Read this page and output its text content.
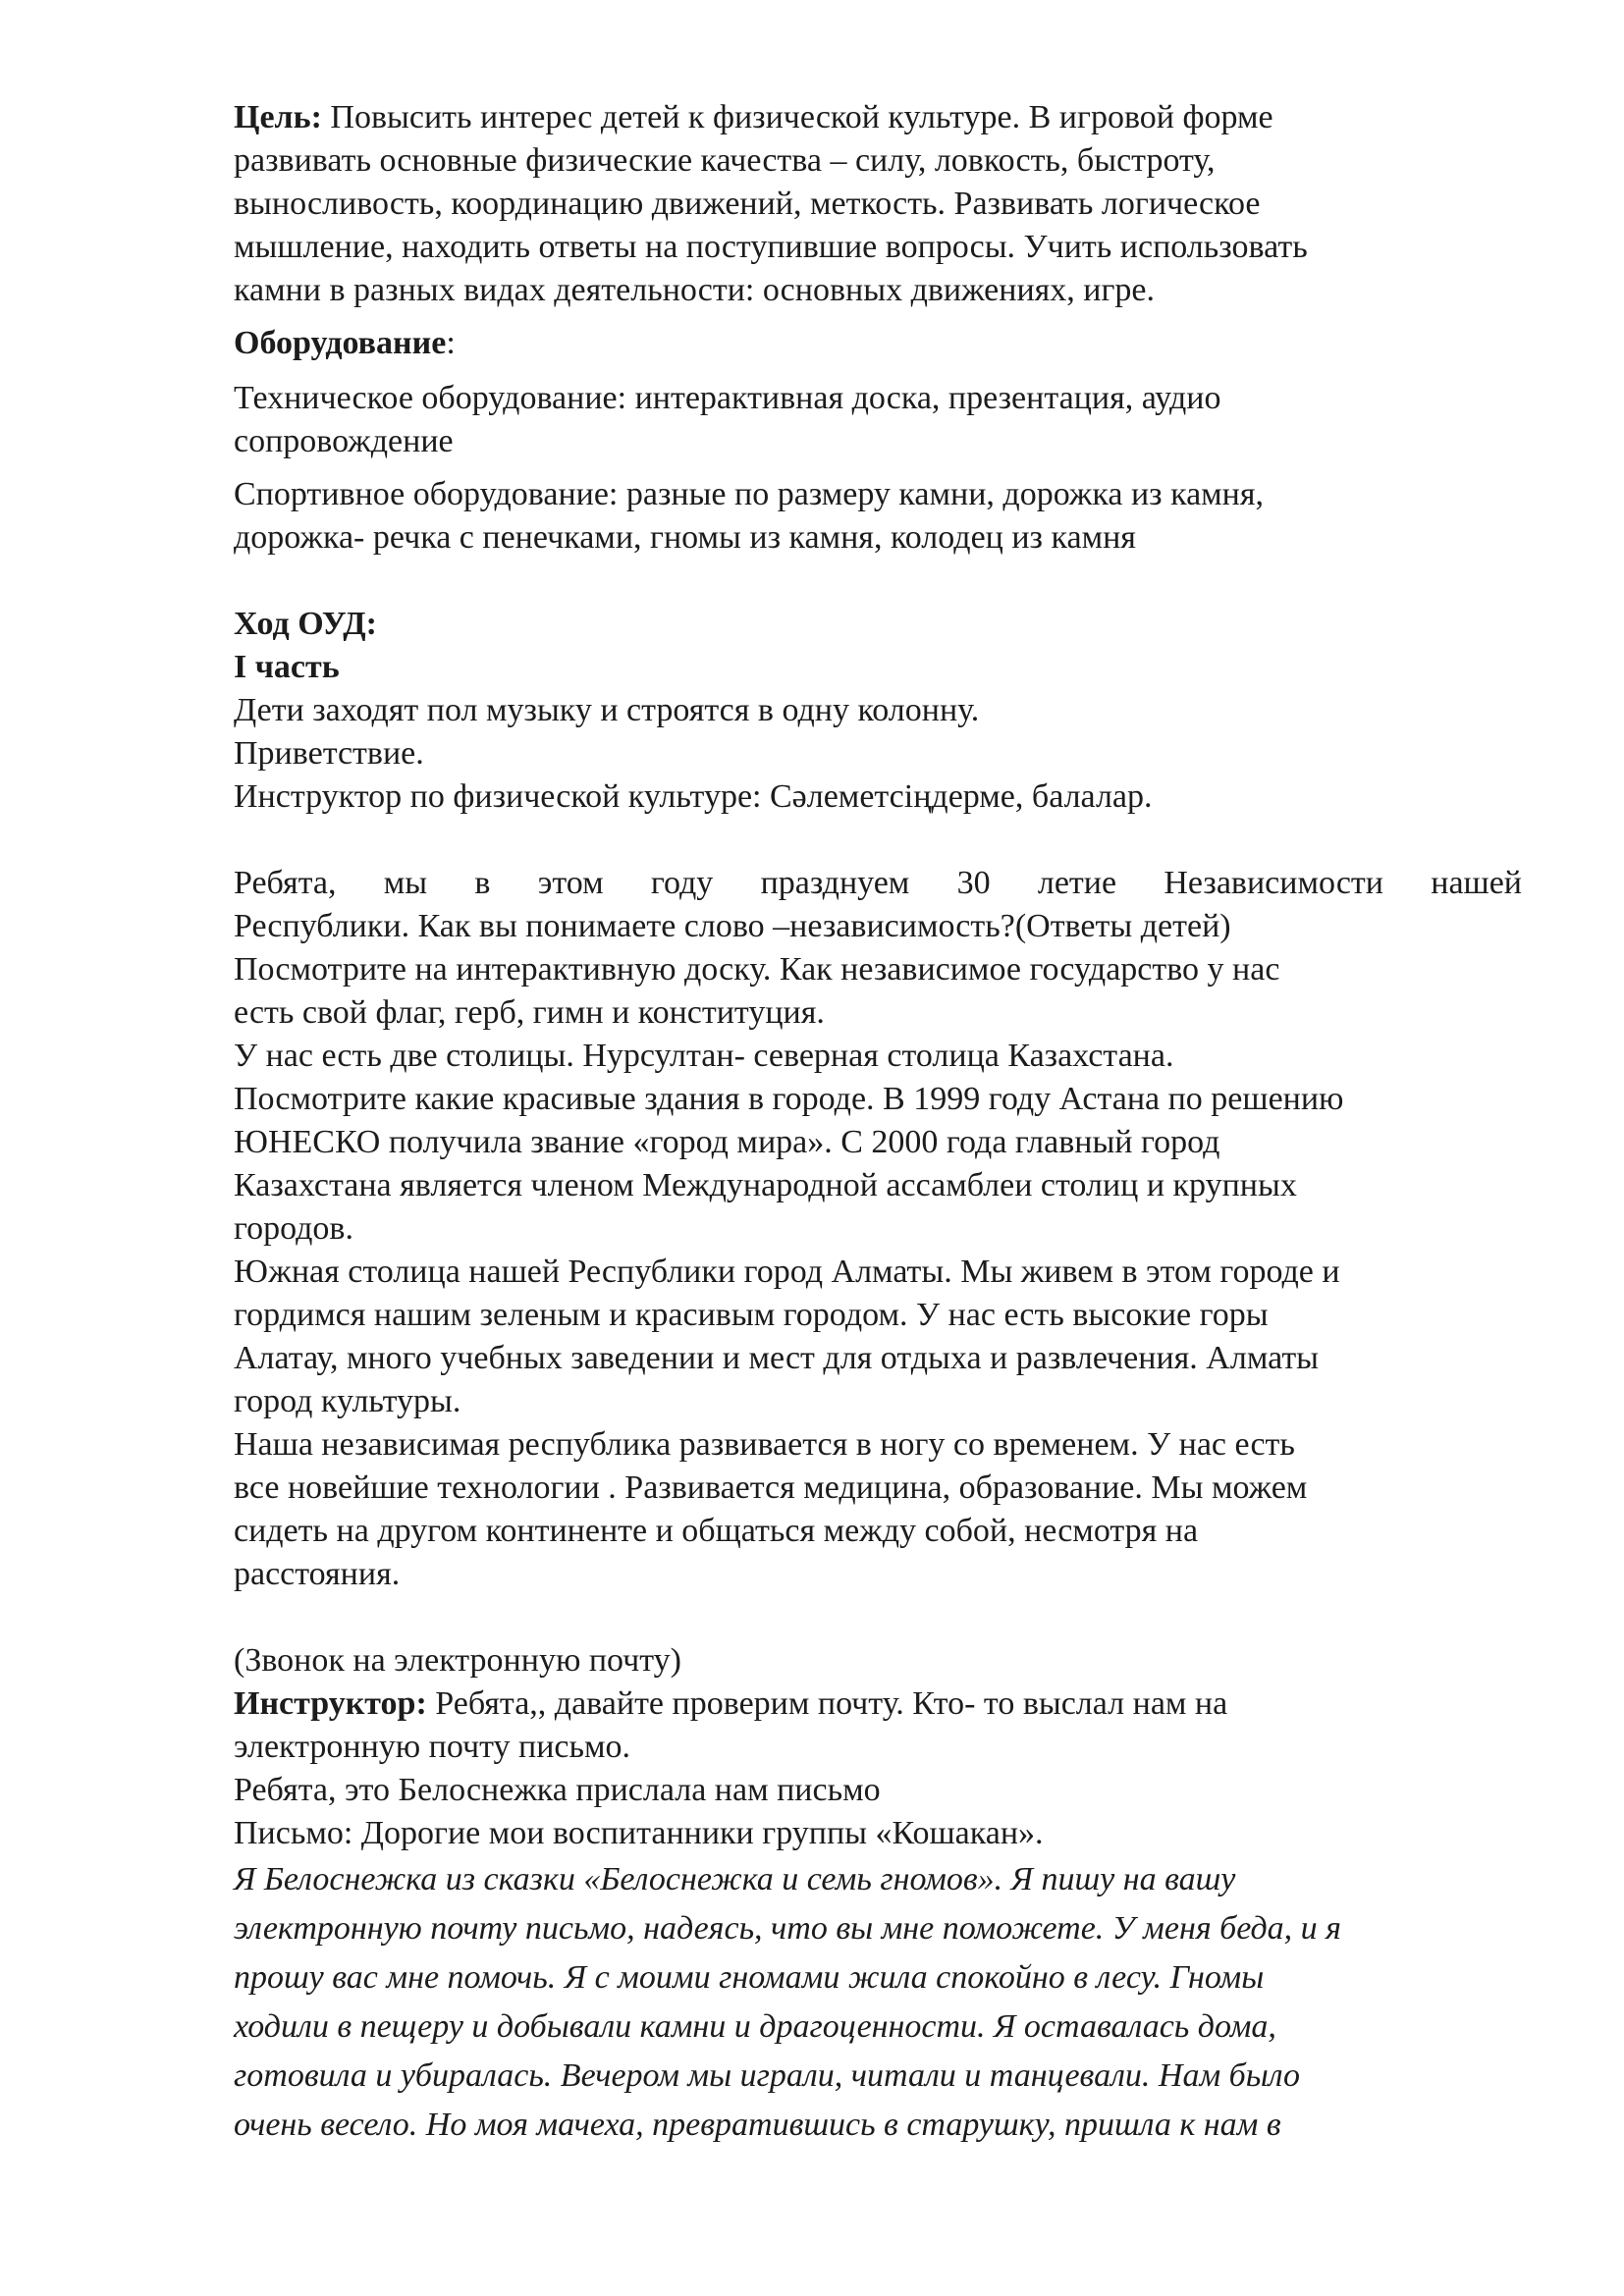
Цель: Повысить интерес детей к физической культуре. В игровой форме
развивать основные физические качества – силу, ловкость, быстроту,
выносливость, координацию движений, меткость. Развивать логическое
мышление, находить ответы на поступившие вопросы. Учить использовать
камни в разных видах деятельности: основных движениях, игре.
Оборудование:
Техническое оборудование: интерактивная доска, презентация, аудио
сопровождение
Спортивное оборудование: разные по размеру камни, дорожка из камня,
дорожка- речка с пенечками, гномы из камня, колодец из камня
Ход ОУД:
I часть
Дети заходят пол музыку и строятся в одну колонну.
Приветствие.
Инструктор по физической культуре: Сәлеметсіңдерме, балалар.
Ребята, мы в этом году празднуем 30 летие Независимости нашей
Республики. Как вы понимаете слово –независимость?(Ответы детей)
Посмотрите на интерактивную доску. Как независимое государство у нас
есть свой флаг, герб, гимн и конституция.
У нас есть две столицы. Нурсултан- северная столица Казахстана.
Посмотрите какие красивые здания в городе. В 1999 году Астана по решению
ЮНЕСКО получила звание «город мира». С 2000 года главный город
Казахстана является членом Международной ассамблеи столиц и крупных
городов.
Южная столица нашей Республики город Алматы. Мы живем в этом городе и
гордимся нашим зеленым и красивым городом. У нас есть высокие горы
Алатау, много учебных заведении и мест для отдыха и развлечения. Алматы
город культуры.
Наша независимая республика развивается в ногу со временем. У нас есть
все новейшие технологии . Развивается медицина, образование. Мы можем
сидеть на другом континенте и общаться между собой, несмотря на
расстояния.
(Звонок на электронную почту)
Инструктор: Ребята,, давайте проверим почту. Кто- то выслал нам на
электронную почту письмо.
Ребята, это Белоснежка прислала нам письмо
Письмо: Дорогие мои воспитанники группы «Кошакан».
Я Белоснежка из сказки «Белоснежка и семь гномов». Я пишу на вашу
электронную почту письмо, надеясь, что вы мне поможете. У меня беда, и я
прошу вас мне помочь. Я с моими гномами жила спокойно в лесу. Гномы
ходили в пещеру и добывали камни и драгоценности. Я оставалась дома,
готовила и убиралась. Вечером мы играли, читали и танцевали. Нам было
очень весело. Но моя мачеха, превратившись в старушку, пришла к нам в
